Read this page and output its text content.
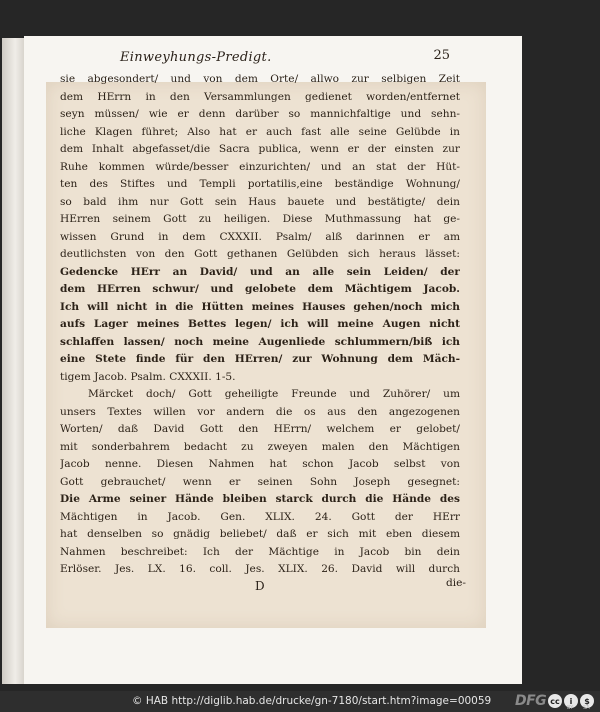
Einweyhungs-Predigt.	25
sie abgesondert/ und von dem Orte/ allwo zur selbigen Zeit
dem HErrn in den Versammlungen gedienet worden/entfernet
seyn müssen/ wie er denn darüber so mannichfaltige und sehn-
liche Klagen führet; Also hat er auch fast alle seine Gelübde in
dem Inhalt abgefasset/die Sacra publica, wenn er der einsten zur
Ruhe kommen würde/besser einzurichten/ und an stat der Hüt-
ten des Stiftes und Templi portatilis,eine beständige Wohnung/
so bald ihm nur Gott sein Haus bauete und bestätigte/ dein
HErren seinem Gott zu heiligen. Diese Muthmassung hat ge-
wissen Grund in dem CXXXII. Psalm/ alß darinnen er am
deutlichsten von den Gott gethanen Gelübden sich heraus lässet:
Gedencke HErr an David/ und an alle sein Leiden/ der
dem HErren schwur/ und gelobete dem Mächtigem Jacob.
Ich will nicht in die Hütten meines Hauses gehen/noch mich
aufs Lager meines Bettes legen/ ich will meine Augen nicht
schlaffen lassen/ noch meine Augenliede schlummern/biß ich
eine Stete finde für den HErren/ zur Wohnung dem Mäch-
tigem Jacob. Psalm. CXXXII. 1-5.
Märcket doch/ Gott geheiligte Freunde und Zuhörer/ um
unsers Textes willen vor andern die os aus den angezogenen
Worten/ daß David Gott den HErrn/ welchem er gelobet/
mit sonderbahrem bedacht zu zweyen malen den Mächtigen
Jacob nenne. Diesen Nahmen hat schon Jacob selbst von
Gott gebrauchet/ wenn er seinen Sohn Joseph gesegnet:
Die Arme seiner Hände bleiben starck durch die Hände des
Mächtigen in Jacob. Gen. XLIX. 24. Gott der HErr
hat denselben so gnädig beliebet/ daß er sich mit eben diesem
Nahmen beschreibet: Ich der Mächtige in Jacob bin dein
Erlöser. Jes. LX. 16. coll. Jes. XLIX. 26. David will durch
D	die-
© HAB http://diglib.hab.de/drucke/gn-7180/start.htm?image=00059 DFG cc	i
BY
$
SA
